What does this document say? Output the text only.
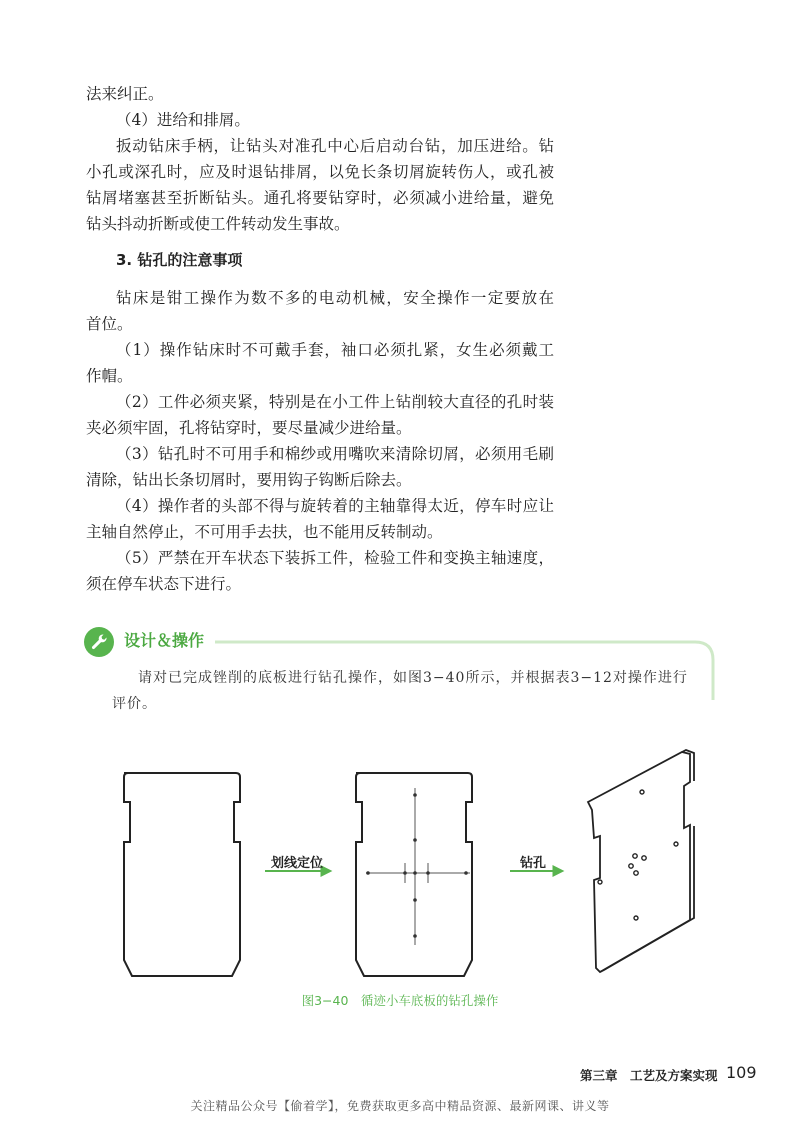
法来纠正。

（4）进给和排屑。

扳动钻床手柄，让钻头对准孔中心后启动台钻，加压进给。钻

小孔或深孔时，应及时退钻排屑，以免长条切屑旋转伤人，或孔被

钻屑堵塞甚至折断钻头。通孔将要钻穿时，必须减小进给量，避免

钻头抖动折断或使工件转动发生事故。

3. 钻孔的注意事项

钻床是钳工操作为数不多的电动机械，安全操作一定要放在

首位。

（1）操作钻床时不可戴手套，袖口必须扎紧，女生必须戴工

作帽。

（2）工件必须夹紧，特别是在小工件上钻削较大直径的孔时装

夹必须牢固，孔将钻穿时，要尽量减少进给量。

（3）钻孔时不可用手和棉纱或用嘴吹来清除切屑，必须用毛刷

清除，钻出长条切屑时，要用钩子钩断后除去。

（4）操作者的头部不得与旋转着的主轴靠得太近，停车时应让

主轴自然停止，不可用手去扶，也不能用反转制动。

（5）严禁在开车状态下装拆工件，检验工件和变换主轴速度，

须在停车状态下进行。

设计＆操作
请对已完成锉削的底板进行钻孔操作，如图3−40所示，并根据表3−12对操作进行
评价。
划线定位	钻孔
图3−40　循迹小车底板的钻孔操作
第三章　工艺及方案实现 109
关注精品公众号【偷着学】，免费获取更多高中精品资源、最新网课、讲义等
